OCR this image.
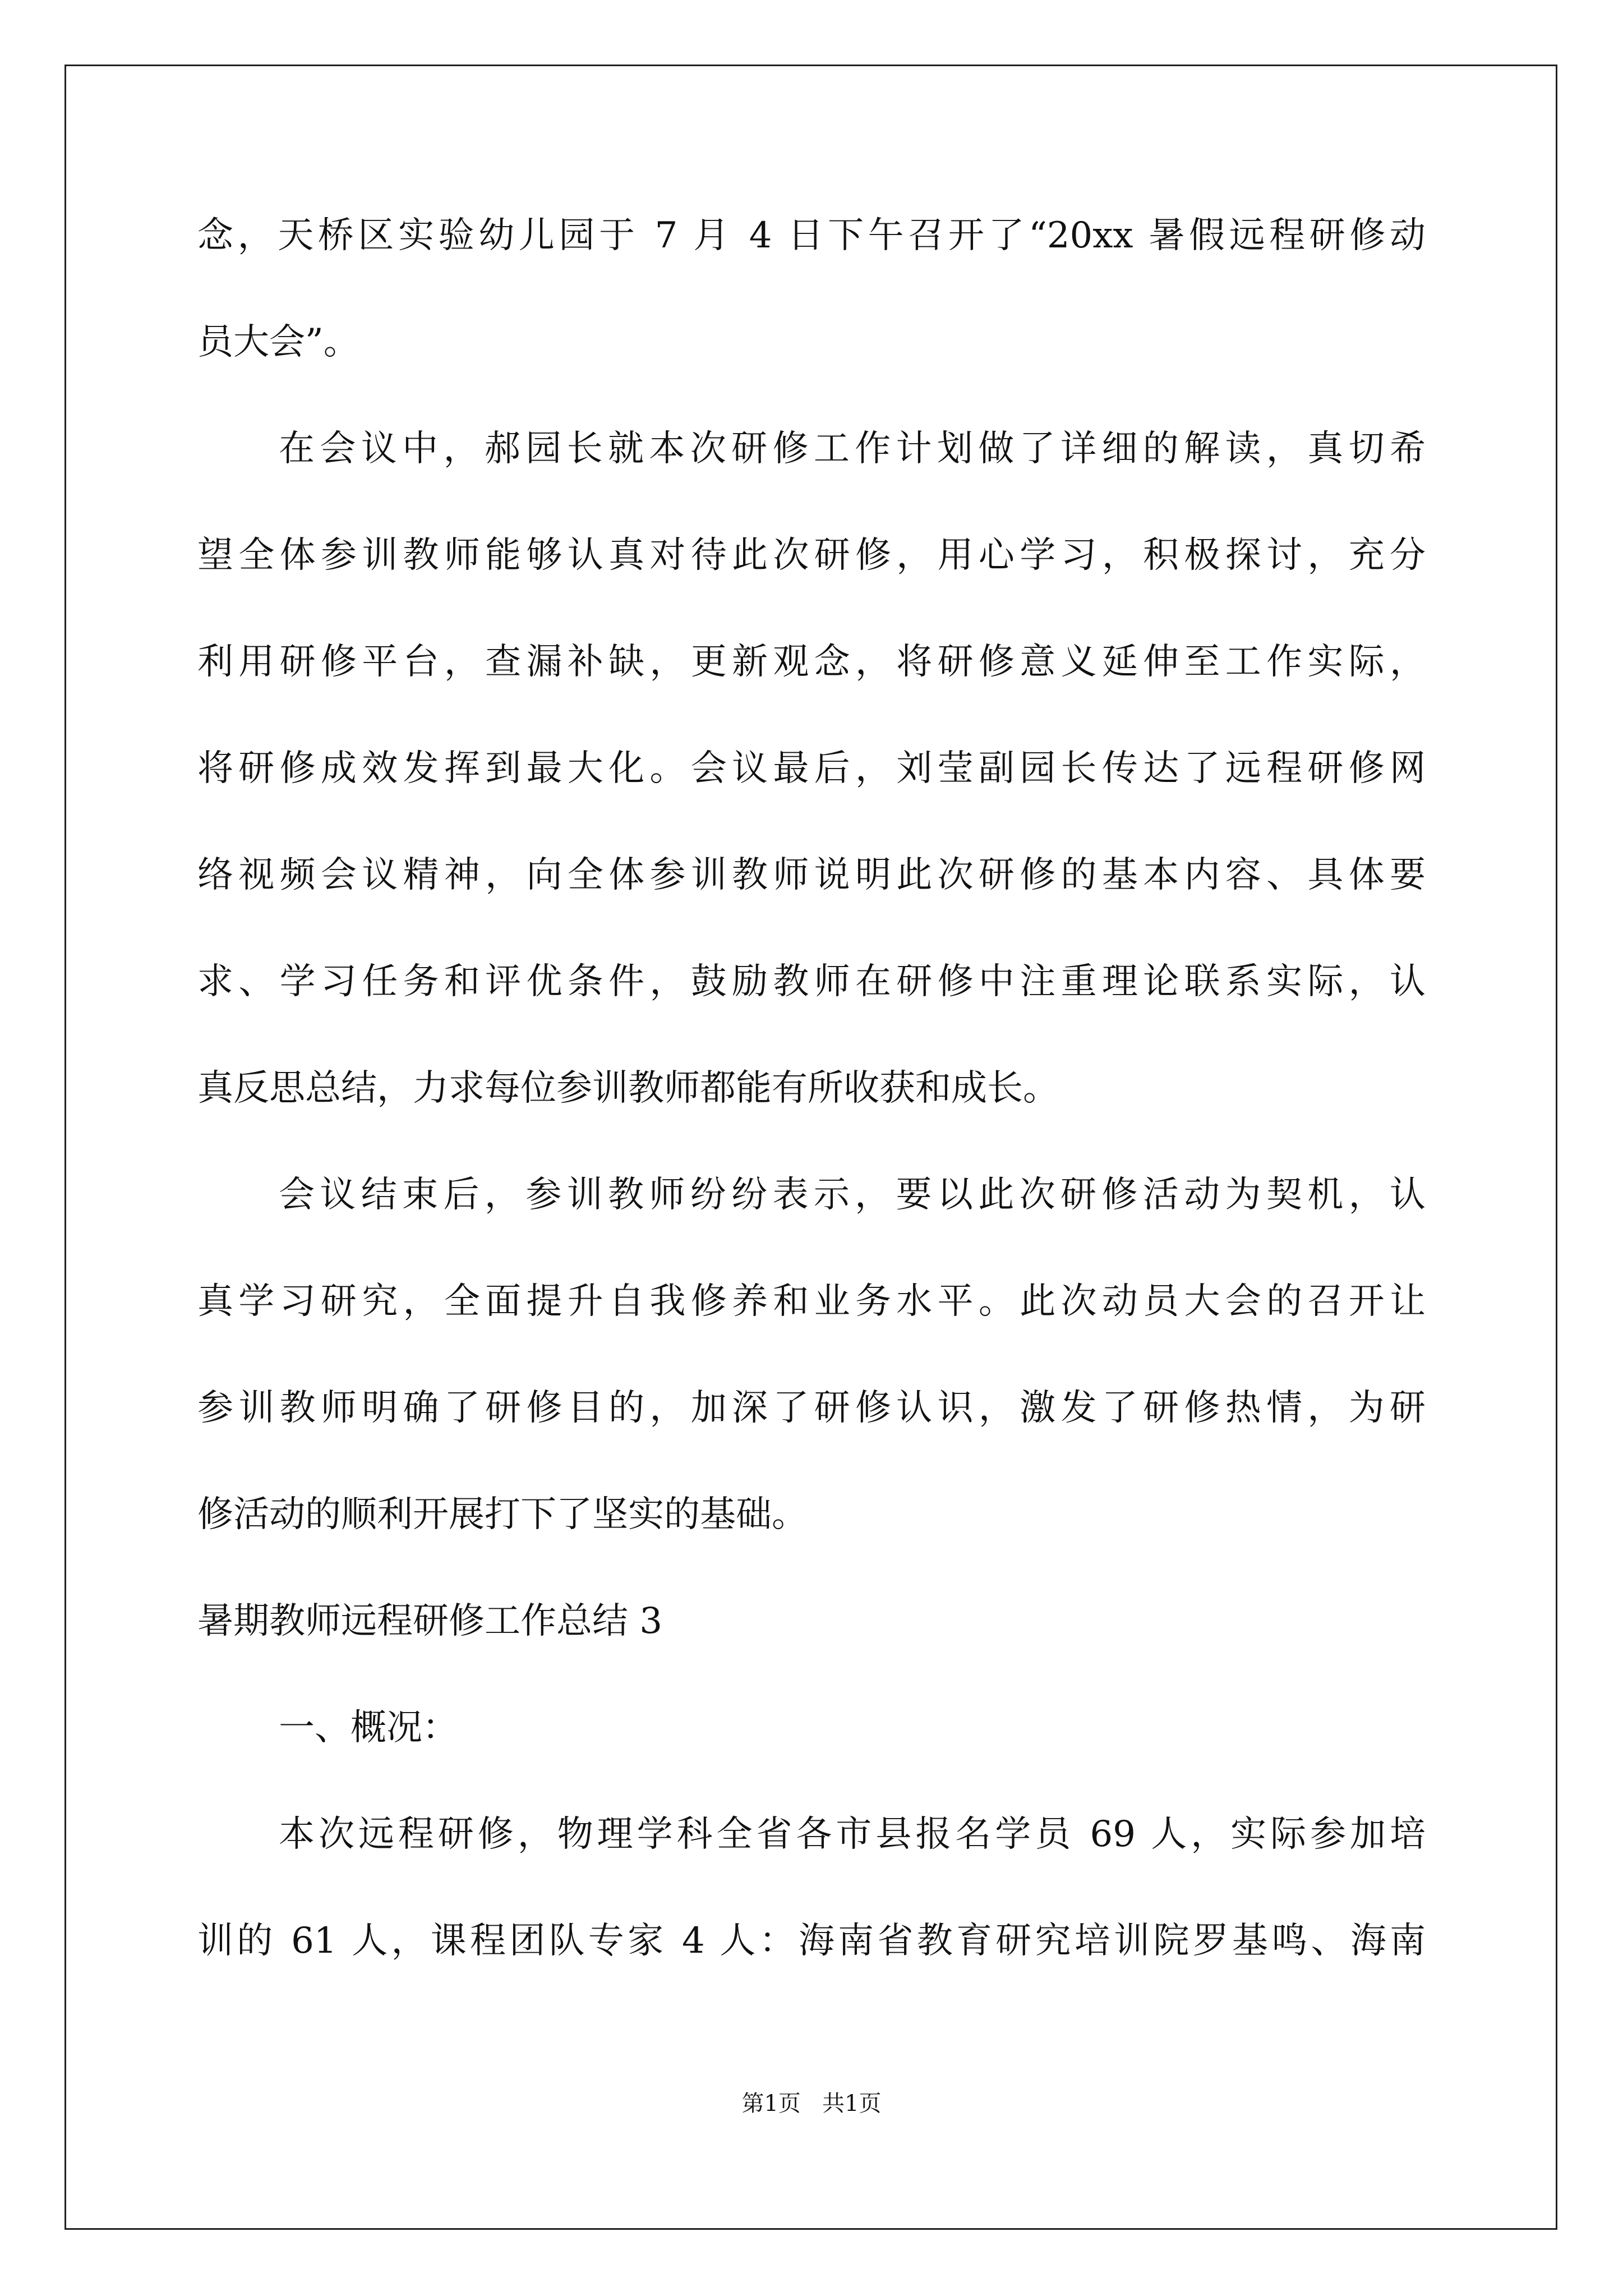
念，天桥区实验幼儿园于 7 月 4 日下午召开了“20xx 暑假远程研修动
员大会”。
在会议中，郝园长就本次研修工作计划做了详细的解读，真切希
望全体参训教师能够认真对待此次研修，用心学习，积极探讨，充分
利用研修平台，查漏补缺，更新观念，将研修意义延伸至工作实际，
将研修成效发挥到最大化。会议最后，刘莹副园长传达了远程研修网
络视频会议精神，向全体参训教师说明此次研修的基本内容、具体要
求、学习任务和评优条件，鼓励教师在研修中注重理论联系实际，认
真反思总结，力求每位参训教师都能有所收获和成长。
会议结束后，参训教师纷纷表示，要以此次研修活动为契机，认
真学习研究，全面提升自我修养和业务水平。此次动员大会的召开让
参训教师明确了研修目的，加深了研修认识，激发了研修热情，为研
修活动的顺利开展打下了坚实的基础。
暑期教师远程研修工作总结 3
一、概况：
本次远程研修，物理学科全省各市县报名学员 69 人，实际参加培
训的 61 人，课程团队专家 4 人：海南省教育研究培训院罗基鸣、海南
第1页   共1页
